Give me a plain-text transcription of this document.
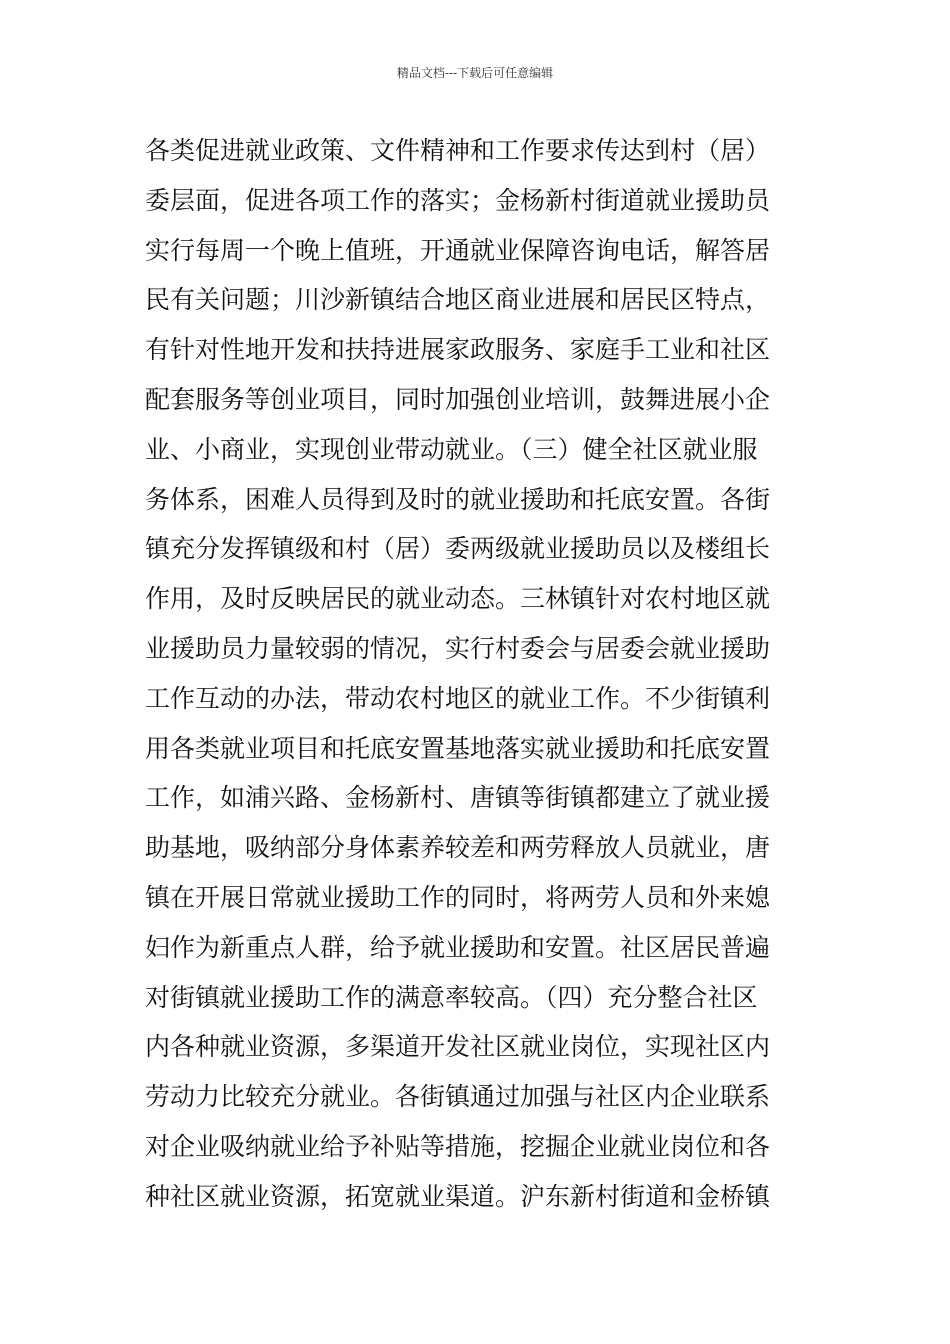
精品文档---下载后可任意编辑
各类促进就业政策、文件精神和工作要求传达到村（居）
委层面，促进各项工作的落实；金杨新村街道就业援助员
实行每周一个晚上值班，开通就业保障咨询电话，解答居
民有关问题；川沙新镇结合地区商业进展和居民区特点，
有针对性地开发和扶持进展家政服务、家庭手工业和社区
配套服务等创业项目，同时加强创业培训，鼓舞进展小企
业、小商业，实现创业带动就业。（三）健全社区就业服
务体系，困难人员得到及时的就业援助和托底安置。各街
镇充分发挥镇级和村（居）委两级就业援助员以及楼组长
作用，及时反映居民的就业动态。三林镇针对农村地区就
业援助员力量较弱的情况，实行村委会与居委会就业援助
工作互动的办法，带动农村地区的就业工作。不少街镇利
用各类就业项目和托底安置基地落实就业援助和托底安置
工作，如浦兴路、金杨新村、唐镇等街镇都建立了就业援
助基地，吸纳部分身体素养较差和两劳释放人员就业，唐
镇在开展日常就业援助工作的同时，将两劳人员和外来媳
妇作为新重点人群，给予就业援助和安置。社区居民普遍
对街镇就业援助工作的满意率较高。（四）充分整合社区
内各种就业资源，多渠道开发社区就业岗位，实现社区内
劳动力比较充分就业。各街镇通过加强与社区内企业联系
对企业吸纳就业给予补贴等措施，挖掘企业就业岗位和各
种社区就业资源，拓宽就业渠道。沪东新村街道和金桥镇
